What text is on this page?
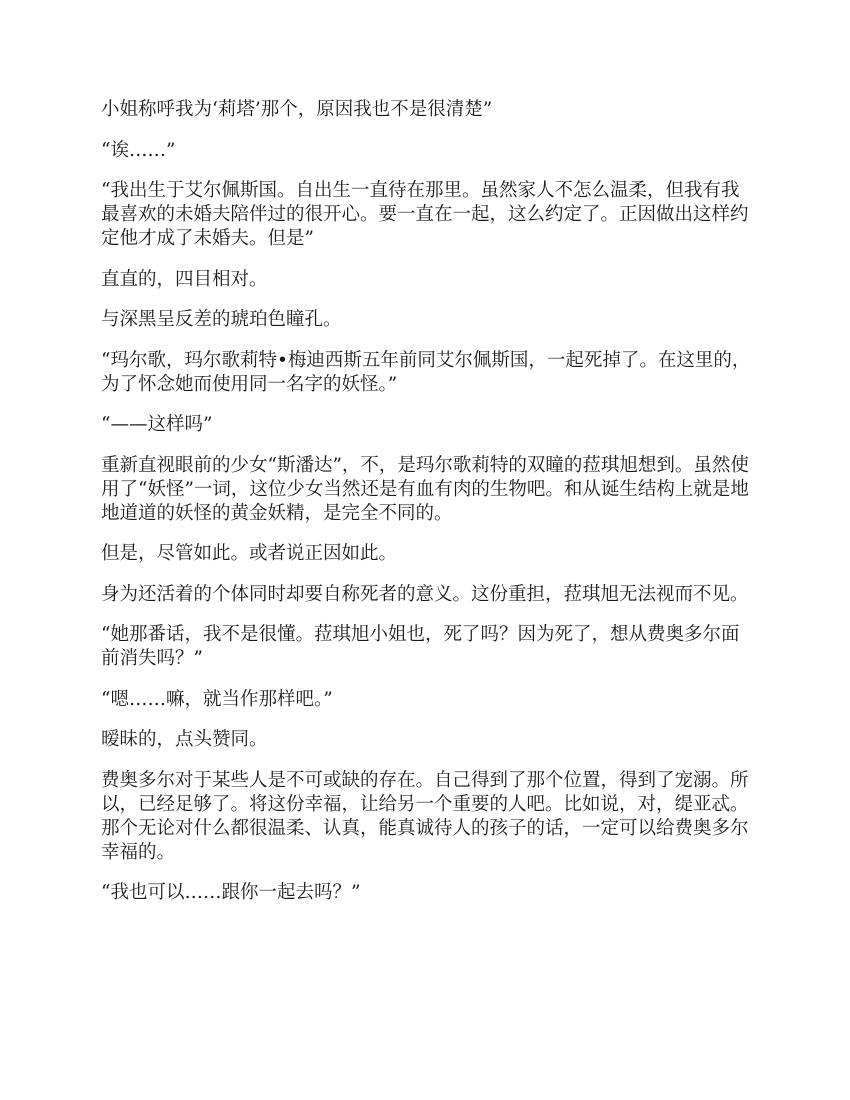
小姐称呼我为‘莉塔’那个，原因我也不是很清楚”

“诶……”

“我出生于艾尔佩斯国。自出生一直待在那里。虽然家人不怎么温柔，但我有我最喜欢的未婚夫陪伴过的很开心。要一直在一起，这么约定了。正因做出这样约定他才成了未婚夫。但是”

直直的，四目相对。

与深黑呈反差的琥珀色瞳孔。

“玛尔歌，玛尔歌莉特•梅迪西斯五年前同艾尔佩斯国，一起死掉了。在这里的，为了怀念她而使用同一名字的妖怪。”

“——这样吗”

重新直视眼前的少女“斯潘达”，不，是玛尔歌莉特的双瞳的菈琪旭想到。虽然使用了“妖怪”一词，这位少女当然还是有血有肉的生物吧。和从诞生结构上就是地地道道的妖怪的黄金妖精，是完全不同的。

但是，尽管如此。或者说正因如此。

身为还活着的个体同时却要自称死者的意义。这份重担，菈琪旭无法视而不见。

“她那番话，我不是很懂。菈琪旭小姐也，死了吗？因为死了，想从费奥多尔面前消失吗？”

“嗯……嘛，就当作那样吧。”

暧昧的，点头赞同。

费奥多尔对于某些人是不可或缺的存在。自己得到了那个位置，得到了宠溺。所以，已经足够了。将这份幸福，让给另一个重要的人吧。比如说，对，缇亚忒。那个无论对什么都很温柔、认真，能真诚待人的孩子的话，一定可以给费奥多尔幸福的。

“我也可以……跟你一起去吗？”
